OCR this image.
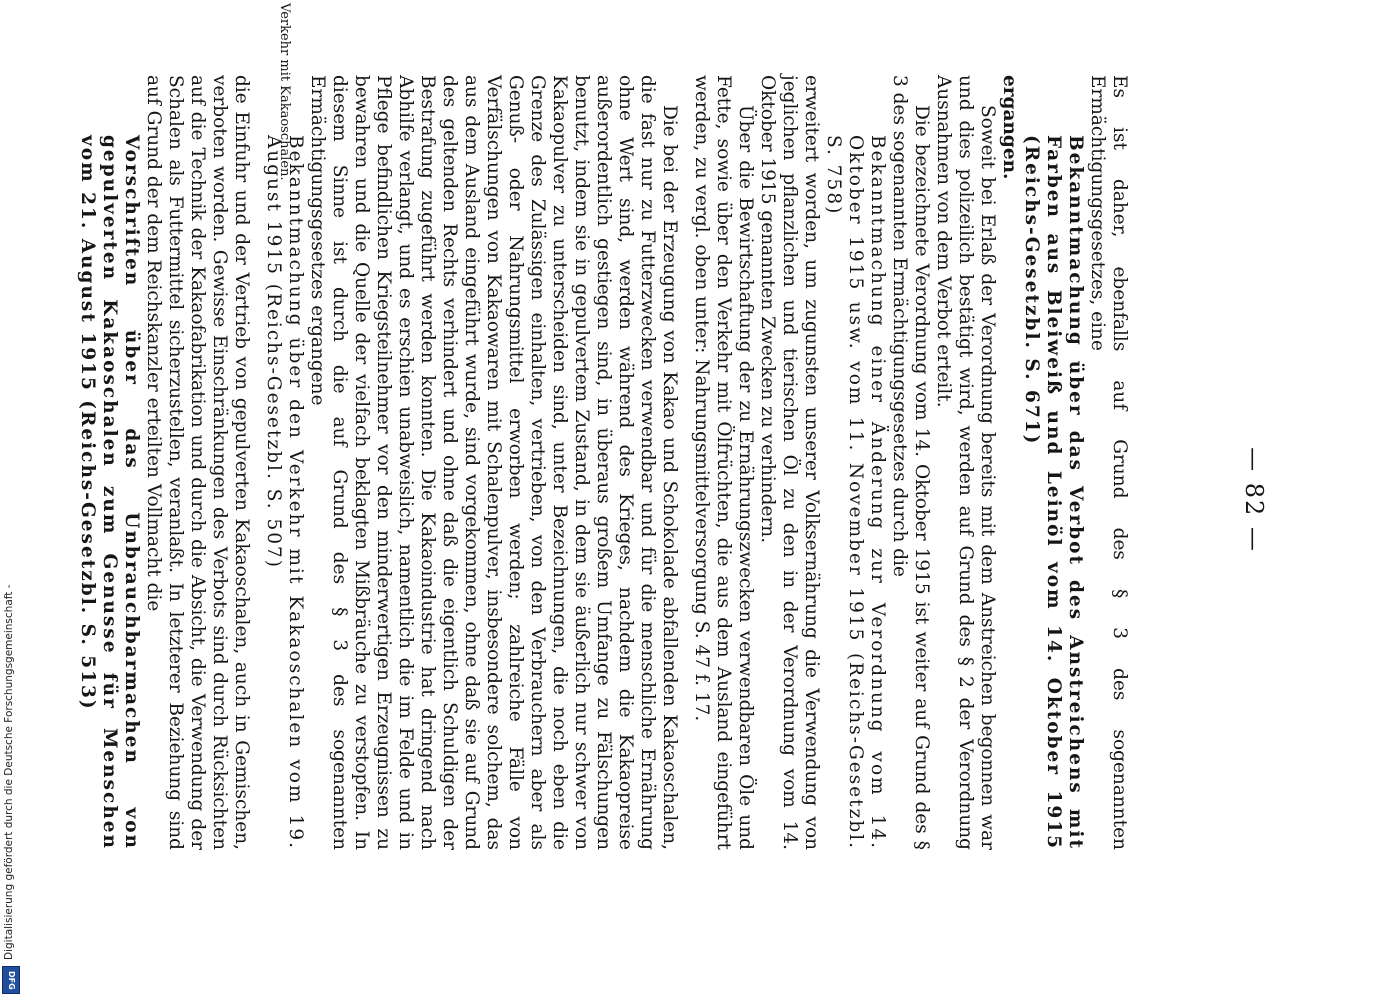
— 82 —

Es ist daher, ebenfalls auf Grund des § 3 des sogenannten Ermächtigungsgesetzes, eine

Bekanntmachung über das Verbot des Anstreichens mit Farben aus Bleiweiß und Leinöl vom 14. Oktober 1915 (Reichs-Gesetzbl. S. 671)

ergangen.

Soweit bei Erlaß der Verordnung bereits mit dem Anstreichen begonnen war und dies polizeilich bestätigt wird, werden auf Grund des § 2 der Verordnung Ausnahmen von dem Verbot erteilt.

Die bezeichnete Verordnung vom 14. Oktober 1915 ist weiter auf Grund des § 3 des sogenannten Ermächtigungsgesetzes durch die

Bekanntmachung einer Änderung zur Verordnung vom 14. Oktober 1915 usw. vom 11. November 1915 (Reichs-Gesetzbl. S. 758)

erweitert worden, um zugunsten unserer Volksernährung die Verwendung von jeglichen pflanzlichen und tierischen Öl zu den in der Verordnung vom 14. Oktober 1915 genannten Zwecken zu verhindern.

Über die Bewirtschaftung der zu Ernährungszwecken verwendbaren Öle und Fette, sowie über den Verkehr mit Ölfrüchten, die aus dem Ausland eingeführt werden, zu vergl. oben unter: Nahrungsmittelversorgung S. 47 f. 17.

Die bei der Erzeugung von Kakao und Schokolade abfallenden Kakaoschalen, die fast nur zu Futterzwecken verwendbar und für die menschliche Ernährung ohne Wert sind, werden während des Krieges, nachdem die Kakaopreise außerordentlich gestiegen sind, in überaus großem Umfange zu Fälschungen benutzt, indem sie in gepulvertem Zustand, in dem sie äußerlich nur schwer von Kakaopulver zu unterscheiden sind, unter Bezeichnungen, die noch eben die Grenze des Zulässigen einhalten, vertrieben, von den Verbrauchern aber als Genuß- oder Nahrungsmittel erworben werden; zahlreiche Fälle von Verfälschungen von Kakaowaren mit Schalenpulver, insbesondere solchem, das aus dem Ausland eingeführt wurde, sind vorgekommen, ohne daß sie auf Grund des geltenden Rechts verhindert und ohne daß die eigentlich Schuldigen der Bestrafung zugeführt werden konnten. Die Kakaoindustrie hat dringend nach Abhilfe verlangt, und es erschien unabweislich, namentlich die im Felde und in Pflege befindlichen Kriegsteilnehmer vor den minderwertigen Erzeugnissen zu bewahren und die Quelle der vielfach beklagten Mißbräuche zu verstopfen. In diesem Sinne ist durch die auf Grund des § 3 des sogenannten Ermächtigungsgesetzes ergangene

Bekanntmachung über den Verkehr mit Kakaoschalen vom 19. August 1915 (Reichs-Gesetzbl. S. 507)

die Einfuhr und der Vertrieb von gepulverten Kakaoschalen, auch in Gemischen, verboten worden. Gewisse Einschränkungen des Verbots sind durch Rücksichten auf die Technik der Kakaofabrikation und durch die Absicht, die Verwendung der Schalen als Futtermittel sicherzustellen, veranlaßt. In letzterer Beziehung sind auf Grund der dem Reichskanzler erteilten Vollmacht die

Vorschriften über das Unbrauchbarmachen von gepulverten Kakaoschalen zum Genusse für Menschen vom 21. August 1915 (Reichs-Gesetzbl. S. 513)

Verkehr mit Kakaoschalen.
Digitalisierung gefördert durch die Deutsche Forschungsgemeinschaft -
DFG
